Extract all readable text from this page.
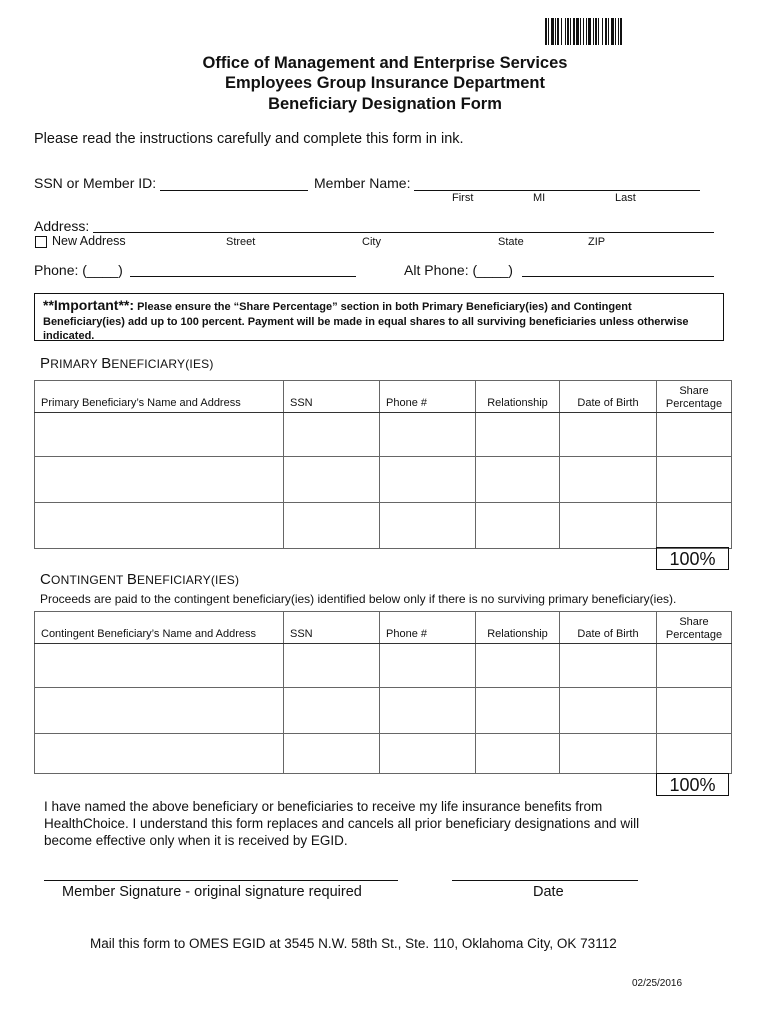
Office of Management and Enterprise Services
Employees Group Insurance Department
Beneficiary Designation Form
Please read the instructions carefully and complete this form in ink.
SSN or Member ID:	Member Name:
First	MI	Last
Address:
New Address	Street	City	State	ZIP
Phone: (____)	Alt Phone: (____)
**Important**: Please ensure the “Share Percentage” section in both Primary Beneficiary(ies) and Contingent
Beneficiary(ies) add up to 100 percent. Payment will be made in equal shares to all surviving beneficiaries unless otherwise indicated.
PRIMARY BENEFICIARY(IES)
Primary Beneficiary’s Name and Address	SSN	Phone #	Relationship	Date of Birth	Share
Percentage

100%
CONTINGENT BENEFICIARY(IES)
Proceeds are paid to the contingent beneficiary(ies) identified below only if there is no surviving primary beneficiary(ies).
Contingent Beneficiary’s Name and Address	SSN	Phone #	Relationship	Date of Birth	Share
Percentage

100%
I have named the above beneficiary or beneficiaries to receive my life insurance benefits from HealthChoice. I understand this form replaces and cancels all prior beneficiary designations and will become effective only when it is received by EGID.
Member Signature - original signature required	Date
Mail this form to OMES EGID at 3545 N.W. 58th St., Ste. 110, Oklahoma City, OK 73112
02/25/2016
